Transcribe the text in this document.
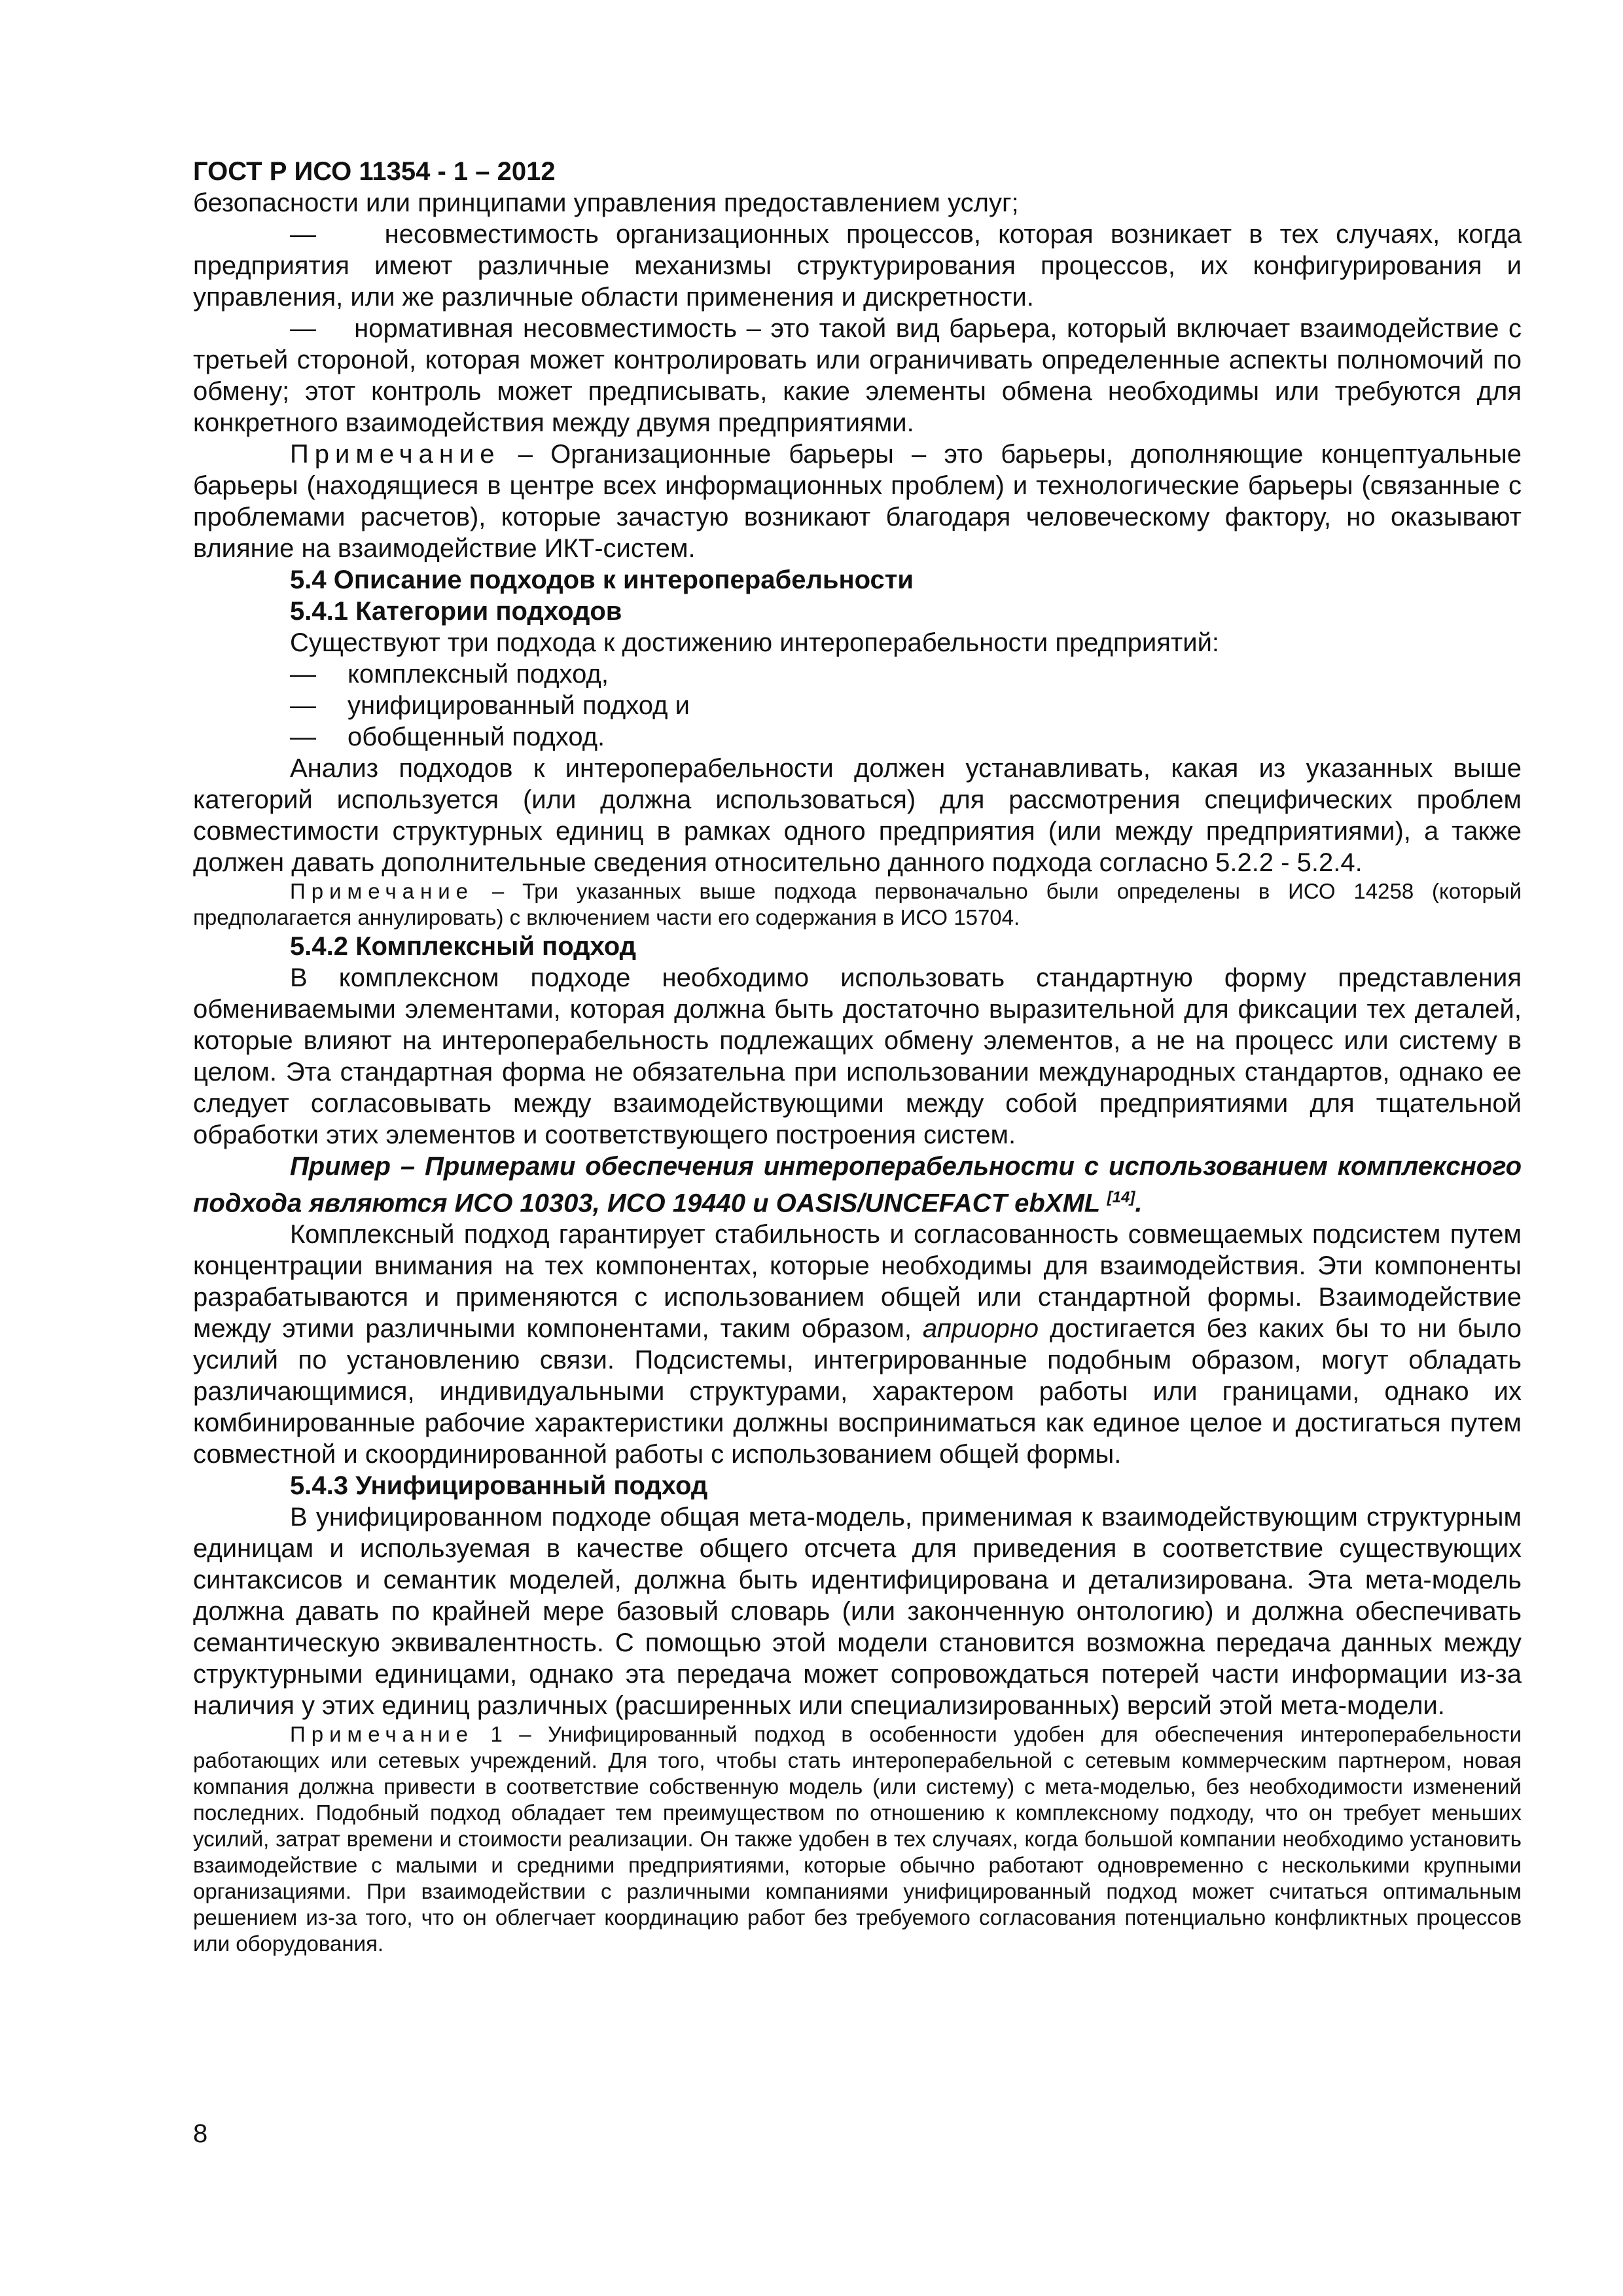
ГОСТ Р ИСО 11354 - 1 – 2012

безопасности или принципами управления предоставлением услуг;

—	несовместимость организационных процессов, которая возникает в тех случаях, когда предприятия имеют различные механизмы структурирования процессов, их конфигурирования и управления, или же различные области применения и дискретности.

— нормативная несовместимость – это такой вид барьера, который включает взаимодействие с третьей стороной, которая может контролировать или ограничивать определенные аспекты полномочий по обмену; этот контроль может предписывать, какие элементы обмена необходимы или требуются для конкретного взаимодействия между двумя предприятиями.

Примечание – Организационные барьеры – это барьеры, дополняющие концептуальные барьеры (находящиеся в центре всех информационных проблем) и технологические барьеры (связанные с проблемами расчетов), которые зачастую возникают благодаря человеческому фактору, но оказывают влияние на взаимодействие ИКТ-систем.

5.4 Описание подходов к интероперабельности

5.4.1 Категории подходов

Существуют три подхода к достижению интероперабельности предприятий:

— комплексный подход,
— унифицированный подход и
— обобщенный подход.

Анализ подходов к интероперабельности должен устанавливать, какая из указанных выше категорий используется (или должна использоваться) для рассмотрения специфических проблем совместимости структурных единиц в рамках одного предприятия (или между предприятиями), а также должен давать дополнительные сведения относительно данного подхода согласно 5.2.2 - 5.2.4.

Примечание – Три указанных выше подхода первоначально были определены в ИСО 14258 (который предполагается аннулировать) с включением части его содержания в ИСО 15704.

5.4.2 Комплексный подход

В комплексном подходе необходимо использовать стандартную форму представления обмениваемыми элементами, которая должна быть достаточно выразительной для фиксации тех деталей, которые влияют на интероперабельность подлежащих обмену элементов, а не на процесс или систему в целом. Эта стандартная форма не обязательна при использовании международных стандартов, однако ее следует согласовывать между взаимодействующими между собой предприятиями для тщательной обработки этих элементов и соответствующего построения систем.

Пример – Примерами обеспечения интероперабельности с использованием комплексного подхода являются ИСО 10303, ИСО 19440 и OASIS/UNCEFACT ebXML [14].

Комплексный подход гарантирует стабильность и согласованность совмещаемых подсистем путем концентрации внимания на тех компонентах, которые необходимы для взаимодействия. Эти компоненты разрабатываются и применяются с использованием общей или стандартной формы. Взаимодействие между этими различными компонентами, таким образом, априорно достигается без каких бы то ни было усилий по установлению связи. Подсистемы, интегрированные подобным образом, могут обладать различающимися, индивидуальными структурами, характером работы или границами, однако их комбинированные рабочие характеристики должны восприниматься как единое целое и достигаться путем совместной и скоординированной работы с использованием общей формы.

5.4.3 Унифицированный подход

В унифицированном подходе общая мета-модель, применимая к взаимодействующим структурным единицам и используемая в качестве общего отсчета для приведения в соответствие существующих синтаксисов и семантик моделей, должна быть идентифицирована и детализирована. Эта мета-модель должна давать по крайней мере базовый словарь (или законченную онтологию) и должна обеспечивать семантическую эквивалентность. С помощью этой модели становится возможна передача данных между структурными единицами, однако эта передача может сопровождаться потерей части информации из-за наличия у этих единиц различных (расширенных или специализированных) версий этой мета-модели.

Примечание 1 – Унифицированный подход в особенности удобен для обеспечения интероперабельности работающих или сетевых учреждений. Для того, чтобы стать интероперабельной с сетевым коммерческим партнером, новая компания должна привести в соответствие собственную модель (или систему) с мета-моделью, без необходимости изменений последних. Подобный подход обладает тем преимуществом по отношению к комплексному подходу, что он требует меньших усилий, затрат времени и стоимости реализации. Он также удобен в тех случаях, когда большой компании необходимо установить взаимодействие с малыми и средними предприятиями, которые обычно работают одновременно с несколькими крупными организациями. При взаимодействии с различными компаниями унифицированный подход может считаться оптимальным решением из-за того, что он облегчает координацию работ без требуемого согласования потенциально конфликтных процессов или оборудования.

8
